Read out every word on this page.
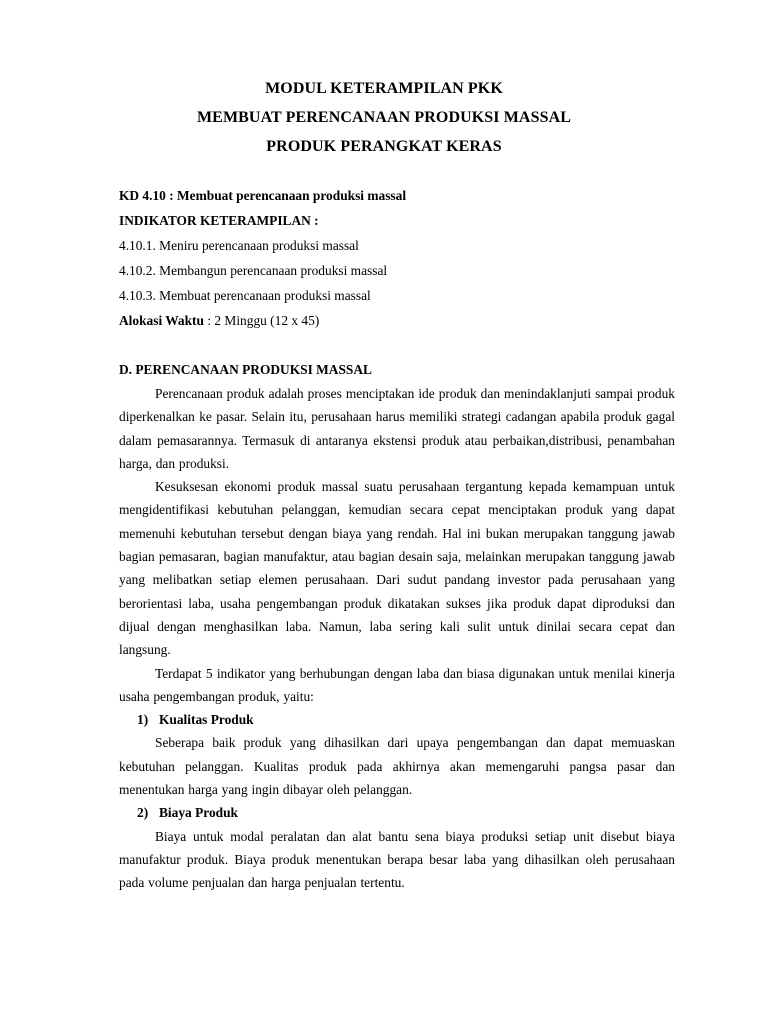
MODUL KETERAMPILAN PKK

MEMBUAT PERENCANAAN PRODUKSI MASSAL

PRODUK PERANGKAT KERAS

KD 4.10 : Membuat perencanaan produksi massal
INDIKATOR KETERAMPILAN :
4.10.1. Meniru perencanaan produksi massal
4.10.2. Membangun perencanaan produksi massal
4.10.3. Membuat perencanaan produksi massal
Alokasi Waktu : 2 Minggu (12 x 45)
D. PERENCANAAN PRODUKSI MASSAL

Perencanaan produk adalah proses menciptakan ide produk dan menindaklanjuti sampai produk diperkenalkan ke pasar. Selain itu, perusahaan harus memiliki strategi cadangan apabila produk gagal dalam pemasarannya. Termasuk di antaranya ekstensi produk atau perbaikan,distribusi, penambahan harga, dan produksi.

Kesuksesan ekonomi produk massal suatu perusahaan tergantung kepada kemampuan untuk mengidentifikasi kebutuhan pelanggan, kemudian secara cepat menciptakan produk yang dapat memenuhi kebutuhan tersebut dengan biaya yang rendah. Hal ini bukan merupakan tanggung jawab bagian pemasaran, bagian manufaktur, atau bagian desain saja, melainkan merupakan tanggung jawab yang melibatkan setiap elemen perusahaan. Dari sudut pandang investor pada perusahaan yang berorientasi laba, usaha pengembangan produk dikatakan sukses jika produk dapat diproduksi dan dijual dengan menghasilkan laba. Namun, laba sering kali sulit untuk dinilai secara cepat dan langsung.

Terdapat 5 indikator yang berhubungan dengan laba dan biasa digunakan untuk menilai kinerja usaha pengembangan produk, yaitu:

1) Kualitas Produk

Seberapa baik produk yang dihasilkan dari upaya pengembangan dan dapat memuaskan kebutuhan pelanggan. Kualitas produk pada akhirnya akan memengaruhi pangsa pasar dan menentukan harga yang ingin dibayar oleh pelanggan.

2) Biaya Produk

Biaya untuk modal peralatan dan alat bantu sena biaya produksi setiap unit disebut biaya manufaktur produk. Biaya produk menentukan berapa besar laba yang dihasilkan oleh perusahaan pada volume penjualan dan harga penjualan tertentu.
